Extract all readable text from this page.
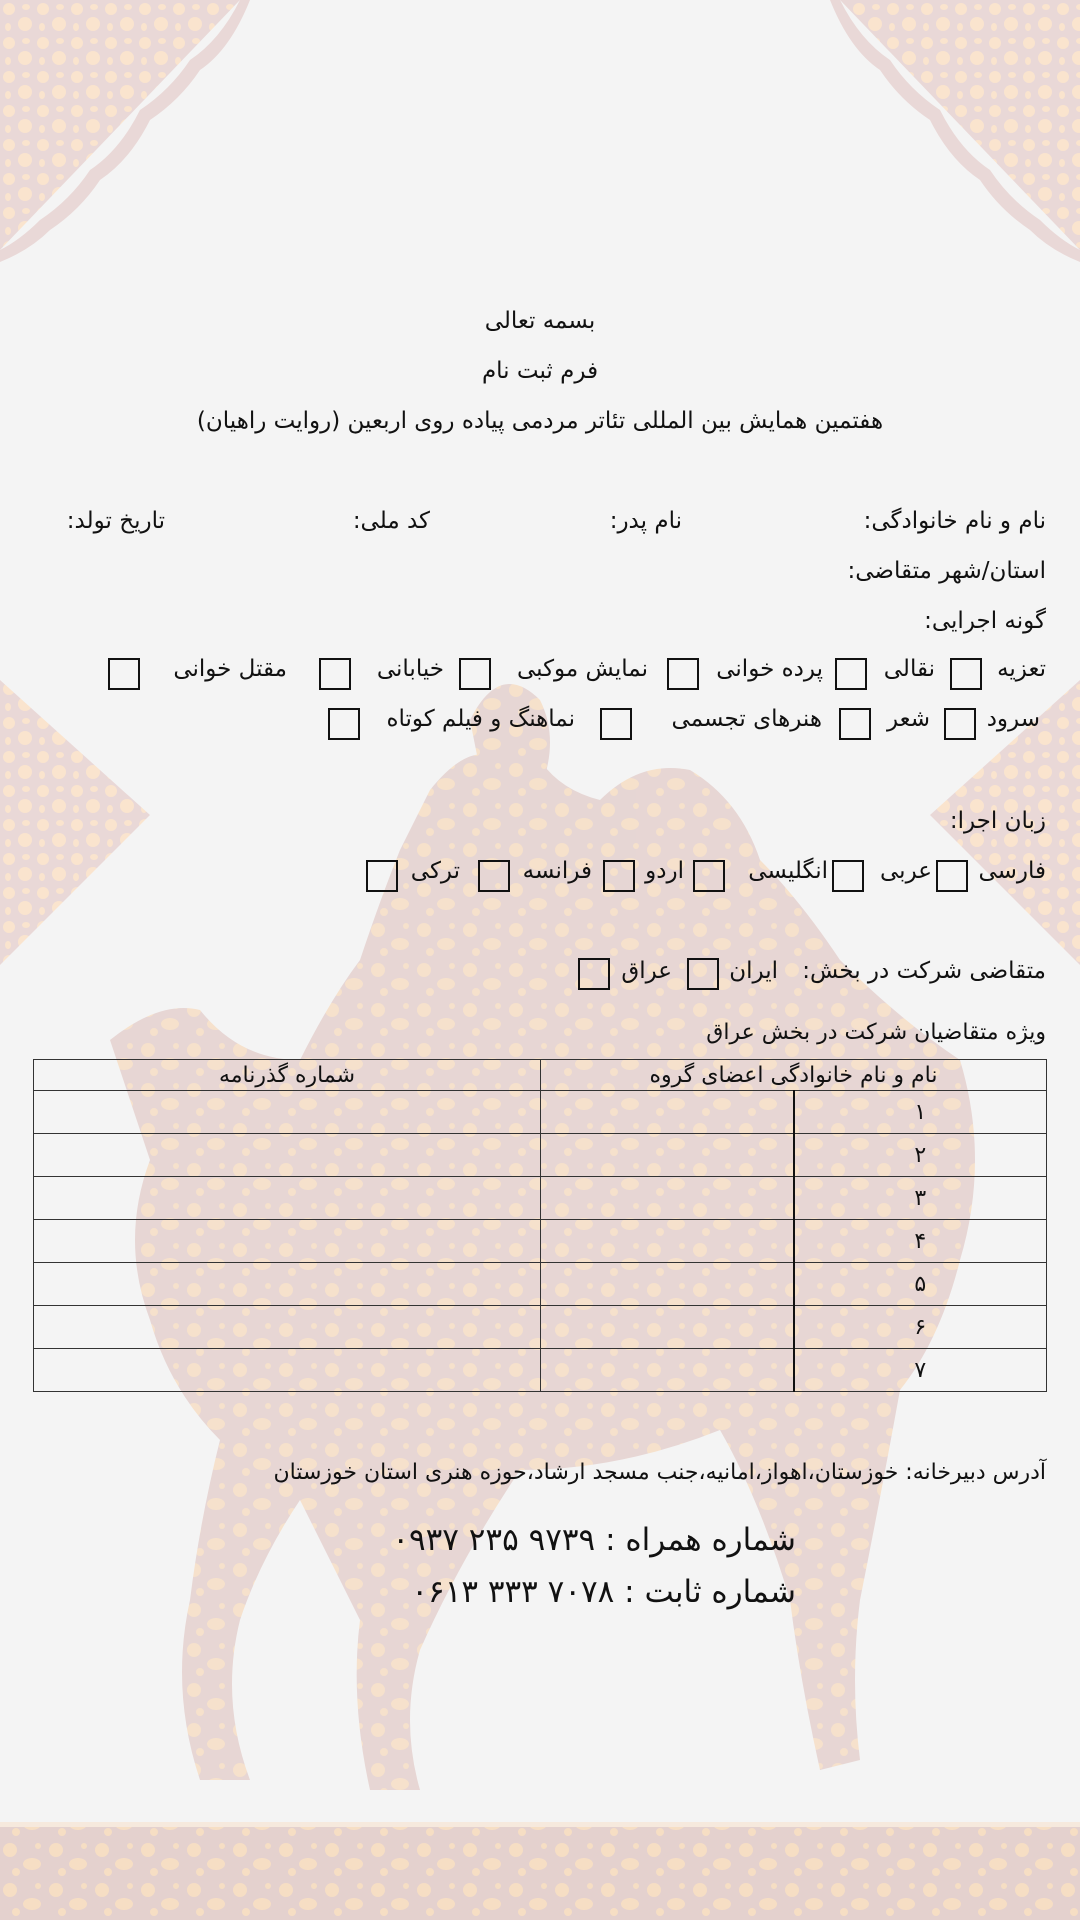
بسمه تعالی
فرم ثبت نام
هفتمین همایش بین المللی تئاتر مردمی پیاده روی اربعین (روایت راهیان)
نام و نام خانوادگی:
نام پدر:
کد ملی:
تاریخ تولد:
استان/شهر متقاضی:
گونه اجرایی:
تعزیه
نقالی
پرده خوانی
نمایش موکبی
خیابانی
مقتل خوانی
سرود
شعر
هنرهای تجسمی
نماهنگ و فیلم کوتاه
زبان اجرا:
فارسی
عربی
انگلیسی
اردو
فرانسه
ترکی
متقاضی شرکت در بخش:
ایران
عراق
ویژه متقاضیان شرکت در بخش عراق
نام و نام خانوادگی اعضای گروه		شماره گذرنامه
۱		
۲		
۳		
۴		
۵		
۶		
۷		
آدرس دبیرخانه: خوزستان،اهواز،امانیه،جنب مسجد ارشاد،حوزه هنری استان خوزستان
شماره همراه : ۰۹۳۷ ۲۳۵ ۹۷۳۹
شماره ثابت : ۰۶۱۳ ۳۳۳ ۷۰۷۸
